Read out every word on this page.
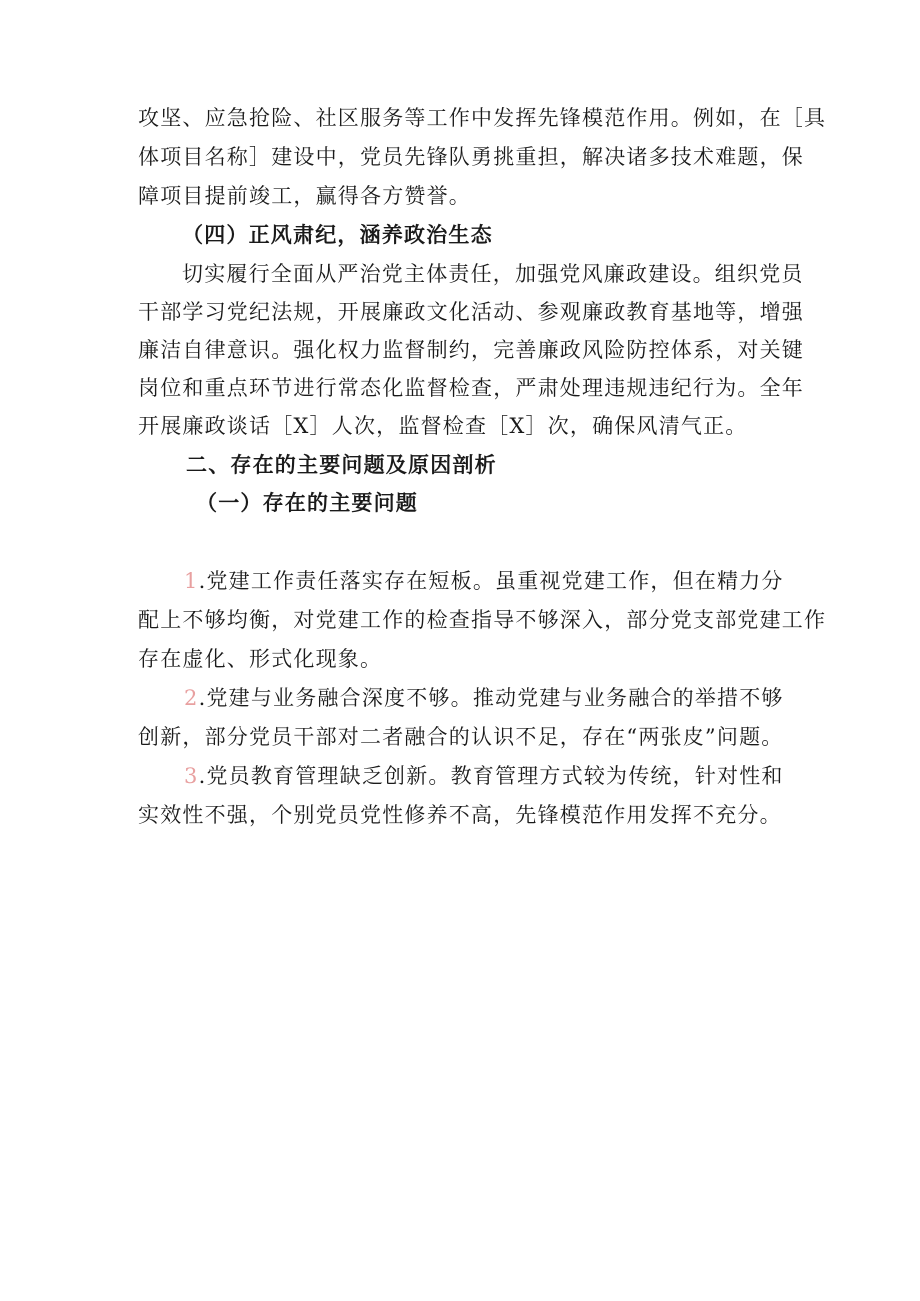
攻坚、应急抢险、社区服务等工作中发挥先锋模范作用。例如，在［具
体项目名称］建设中，党员先锋队勇挑重担，解决诸多技术难题，保
障项目提前竣工，赢得各方赞誉。
（四）正风肃纪，涵养政治生态
切实履行全面从严治党主体责任，加强党风廉政建设。组织党员
干部学习党纪法规，开展廉政文化活动、参观廉政教育基地等，增强
廉洁自律意识。强化权力监督制约，完善廉政风险防控体系，对关键
岗位和重点环节进行常态化监督检查，严肃处理违规违纪行为。全年
开展廉政谈话［X］人次，监督检查［X］次，确保风清气正。
二、存在的主要问题及原因剖析
（一）存在的主要问题
1.党建工作责任落实存在短板。虽重视党建工作，但在精力分
配上不够均衡，对党建工作的检查指导不够深入，部分党支部党建工作
存在虚化、形式化现象。
2.党建与业务融合深度不够。推动党建与业务融合的举措不够
创新，部分党员干部对二者融合的认识不足，存在“两张皮”问题。
3.党员教育管理缺乏创新。教育管理方式较为传统，针对性和
实效性不强，个别党员党性修养不高，先锋模范作用发挥不充分。
